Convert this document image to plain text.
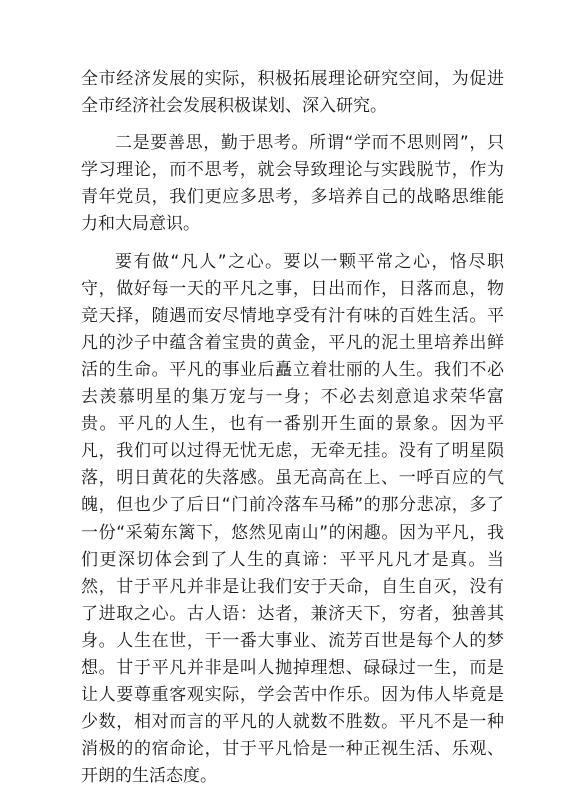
全市经济发展的实际，积极拓展理论研究空间，为促进全市经济社会发展积极谋划、深入研究。

二是要善思，勤于思考。所谓“学而不思则罔”，只学习理论，而不思考，就会导致理论与实践脱节，作为青年党员，我们更应多思考，多培养自己的战略思维能力和大局意识。

要有做“凡人”之心。要以一颗平常之心，恪尽职守，做好每一天的平凡之事，日出而作，日落而息，物竞天择，随遇而安尽情地享受有汁有味的百姓生活。平凡的沙子中蕴含着宝贵的黄金，平凡的泥土里培养出鲜活的生命。平凡的事业后矗立着壮丽的人生。我们不必去羡慕明星的集万宠与一身；不必去刻意追求荣华富贵。平凡的人生，也有一番别开生面的景象。因为平凡，我们可以过得无忧无虑，无牵无挂。没有了明星陨落，明日黄花的失落感。虽无高高在上、一呼百应的气魄，但也少了后日“门前冷落车马稀”的那分悲凉，多了一份“采菊东篱下，悠然见南山”的闲趣。因为平凡，我们更深切体会到了人生的真谛：平平凡凡才是真。当然，甘于平凡并非是让我们安于天命，自生自灭，没有了进取之心。古人语：达者，兼济天下，穷者，独善其身。人生在世，干一番大事业、流芳百世是每个人的梦想。甘于平凡并非是叫人抛掉理想、碌碌过一生，而是让人要尊重客观实际，学会苦中作乐。因为伟人毕竟是少数，相对而言的平凡的人就数不胜数。平凡不是一种消极的的宿命论，甘于平凡恰是一种正视生活、乐观、开朗的生活态度。
